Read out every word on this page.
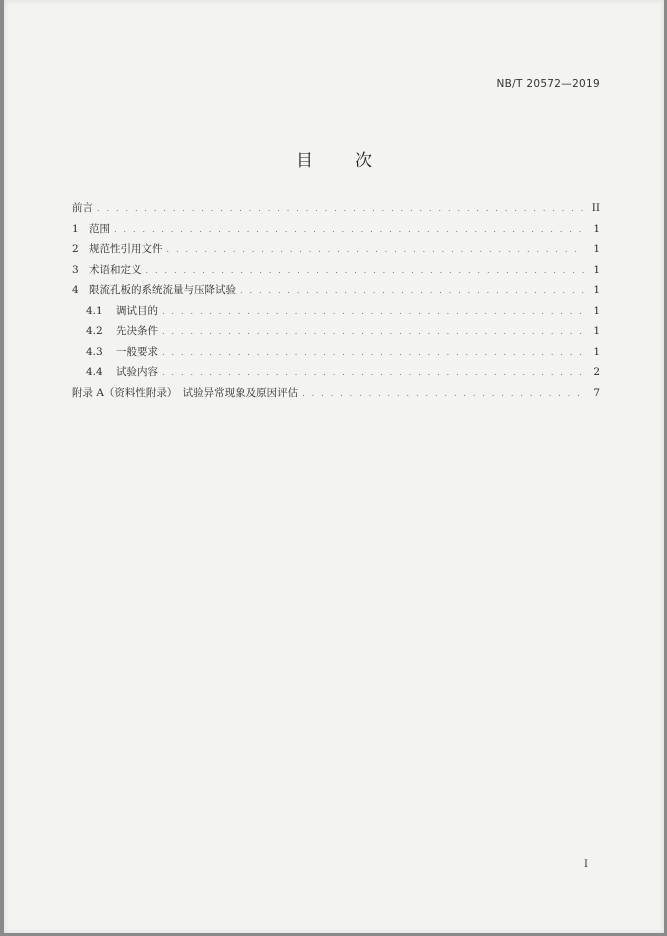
NB/T 20572—2019
目 次
前言 . . .	II
1 范围 . . .	1
2 规范性引用文件 . . .	1
3 术语和定义 . . .	1
4 限流孔板的系统流量与压降试验 . . .	1
4.1	调试目的 . . .	1
4.2	先决条件 . . .	1
4.3	一般要求 . . .	1
4.4	试验内容 . . .	2
附录 A（资料性附录）　试验异常现象及原因评估 . . .	7
I
